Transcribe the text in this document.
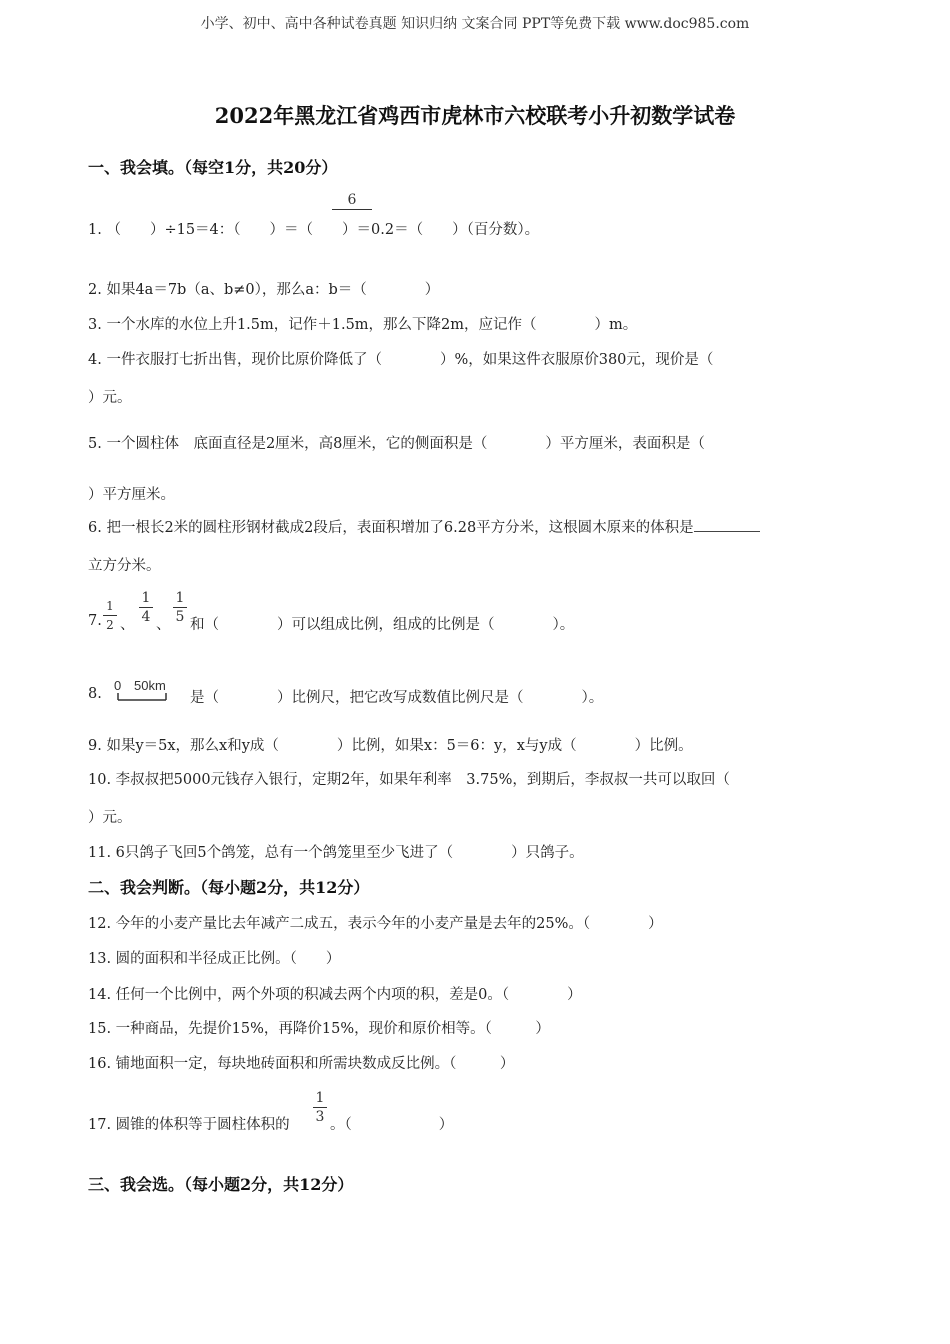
小学、初中、高中各种试卷真题 知识归纳 文案合同 PPT等免费下载 www.doc985.com
2022年黑龙江省鸡西市虎林市六校联考小升初数学试卷
一、我会填。（每空1分，共20分）
6
1. （　　）÷15＝4：（　　）＝（　　）＝0.2＝（　　）（百分数）。
2. 如果4a＝7b（a、b≠0），那么a：b＝（　　　　）
3. 一个水库的水位上升1.5m，记作＋1.5m，那么下降2m，应记作（　　　　）m。
4. 一件衣服打七折出售，现价比原价降低了（　　　　）%，如果这件衣服原价380元，现价是（
）元。
5. 一个圆柱体　底面直径是2厘米，高8厘米，它的侧面积是（　　　　）平方厘米，表面积是（
）平方厘米。
6. 把一根长2米的圆柱形钢材截成2段后，表面积增加了6.28平方分米，这根圆木原来的体积是
立方分米。
7.
1
2 、
1
4 、
1
5 和（　　　　）可以组成比例，组成的比例是（　　　　）。
8.
0 50km
是（　　　　）比例尺，把它改写成数值比例尺是（　　　　）。
9. 如果y＝5x，那么x和y成（　　　　）比例，如果x：5＝6：y，x与y成（　　　　）比例。
10. 李叔叔把5000元钱存入银行，定期2年，如果年利率　3.75%，到期后，李叔叔一共可以取回（
）元。
11. 6只鸽子飞回5个鸽笼，总有一个鸽笼里至少飞进了（　　　　）只鸽子。
二、我会判断。（每小题2分，共12分）
12. 今年的小麦产量比去年减产二成五，表示今年的小麦产量是去年的25%。（　　　　）
13. 圆的面积和半径成正比例。（　　）
14. 任何一个比例中，两个外项的积减去两个内项的积，差是0。（　　　　）
15. 一种商品，先提价15%，再降价15%，现价和原价相等。（　　　）
16. 铺地面积一定，每块地砖面积和所需块数成反比例。（　　　）
17. 圆锥的体积等于圆柱体积的
1
3 。（　　　　　　）
三、我会选。（每小题2分，共12分）
